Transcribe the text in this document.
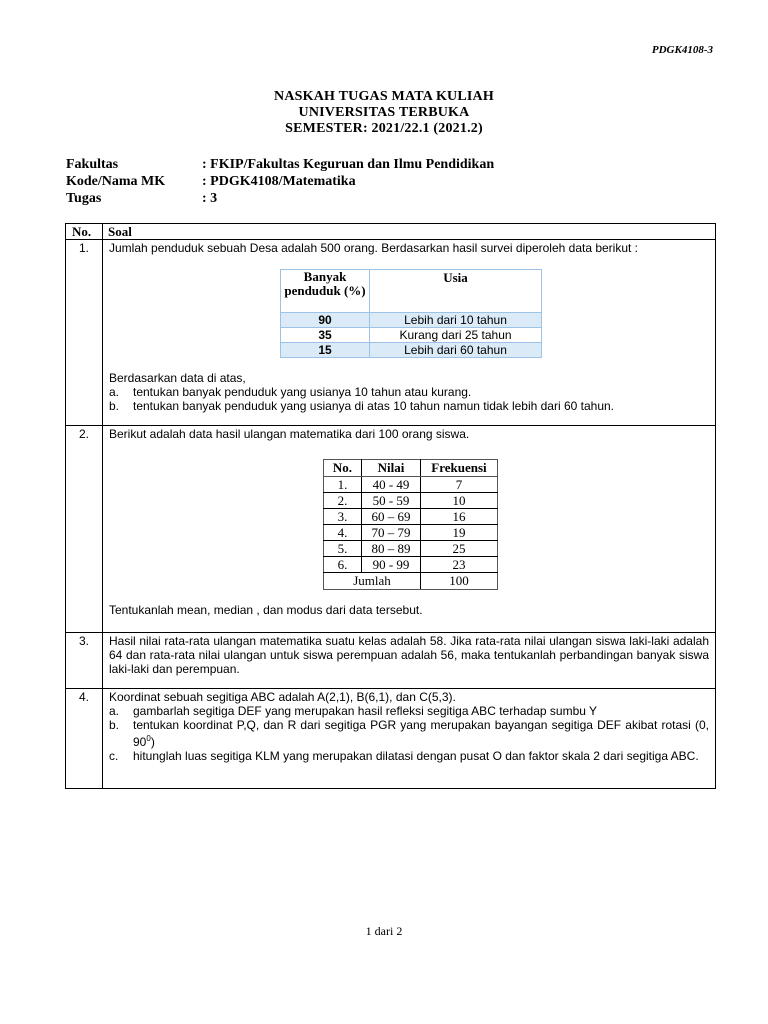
PDGK4108-3
NASKAH TUGAS MATA KULIAH
UNIVERSITAS TERBUKA
SEMESTER: 2021/22.1 (2021.2)
Fakultas	: FKIP/Fakultas Keguruan dan Ilmu Pendidikan
Kode/Nama MK	: PDGK4108/Matematika
Tugas	: 3
No.	Soal
1.	Jumlah penduduk sebuah Desa adalah 500 orang. Berdasarkan hasil survei diperoleh data berikut :
Banyak penduduk (%)	Usia
90	Lebih dari 10 tahun
35	Kurang dari 25 tahun
15	Lebih dari 60 tahun
Berdasarkan data di atas,
a.	tentukan banyak penduduk yang usianya 10 tahun atau kurang.
b.	tentukan banyak penduduk yang usianya di atas 10 tahun namun tidak lebih dari 60 tahun.

2.	Berikut adalah data hasil ulangan matematika dari 100 orang siswa.
No.	Nilai	Frekuensi
1.	40 - 49	7
2.	50 - 59	10
3.	60 – 69	16
4.	70 – 79	19
5.	80 – 89	25
6.	90 - 99	23
Jumlah	100
Tentukanlah mean, median , dan modus dari data tersebut.

3.	Hasil nilai rata-rata ulangan matematika suatu kelas adalah 58. Jika rata-rata nilai ulangan siswa laki-laki adalah 64 dan rata-rata nilai ulangan untuk siswa perempuan adalah 56, maka tentukanlah perbandingan banyak siswa laki-laki dan perempuan.

4.	Koordinat sebuah segitiga ABC adalah A(2,1), B(6,1), dan C(5,3).
a.	gambarlah segitiga DEF yang merupakan hasil refleksi segitiga ABC terhadap sumbu Y
b.	tentukan koordinat P,Q, dan R dari segitiga PGR yang merupakan bayangan segitiga DEF akibat rotasi (0, $90^0$)
c.	hitunglah luas segitiga KLM yang merupakan dilatasi dengan pusat O dan faktor skala 2 dari segitiga ABC.
1 dari 2
